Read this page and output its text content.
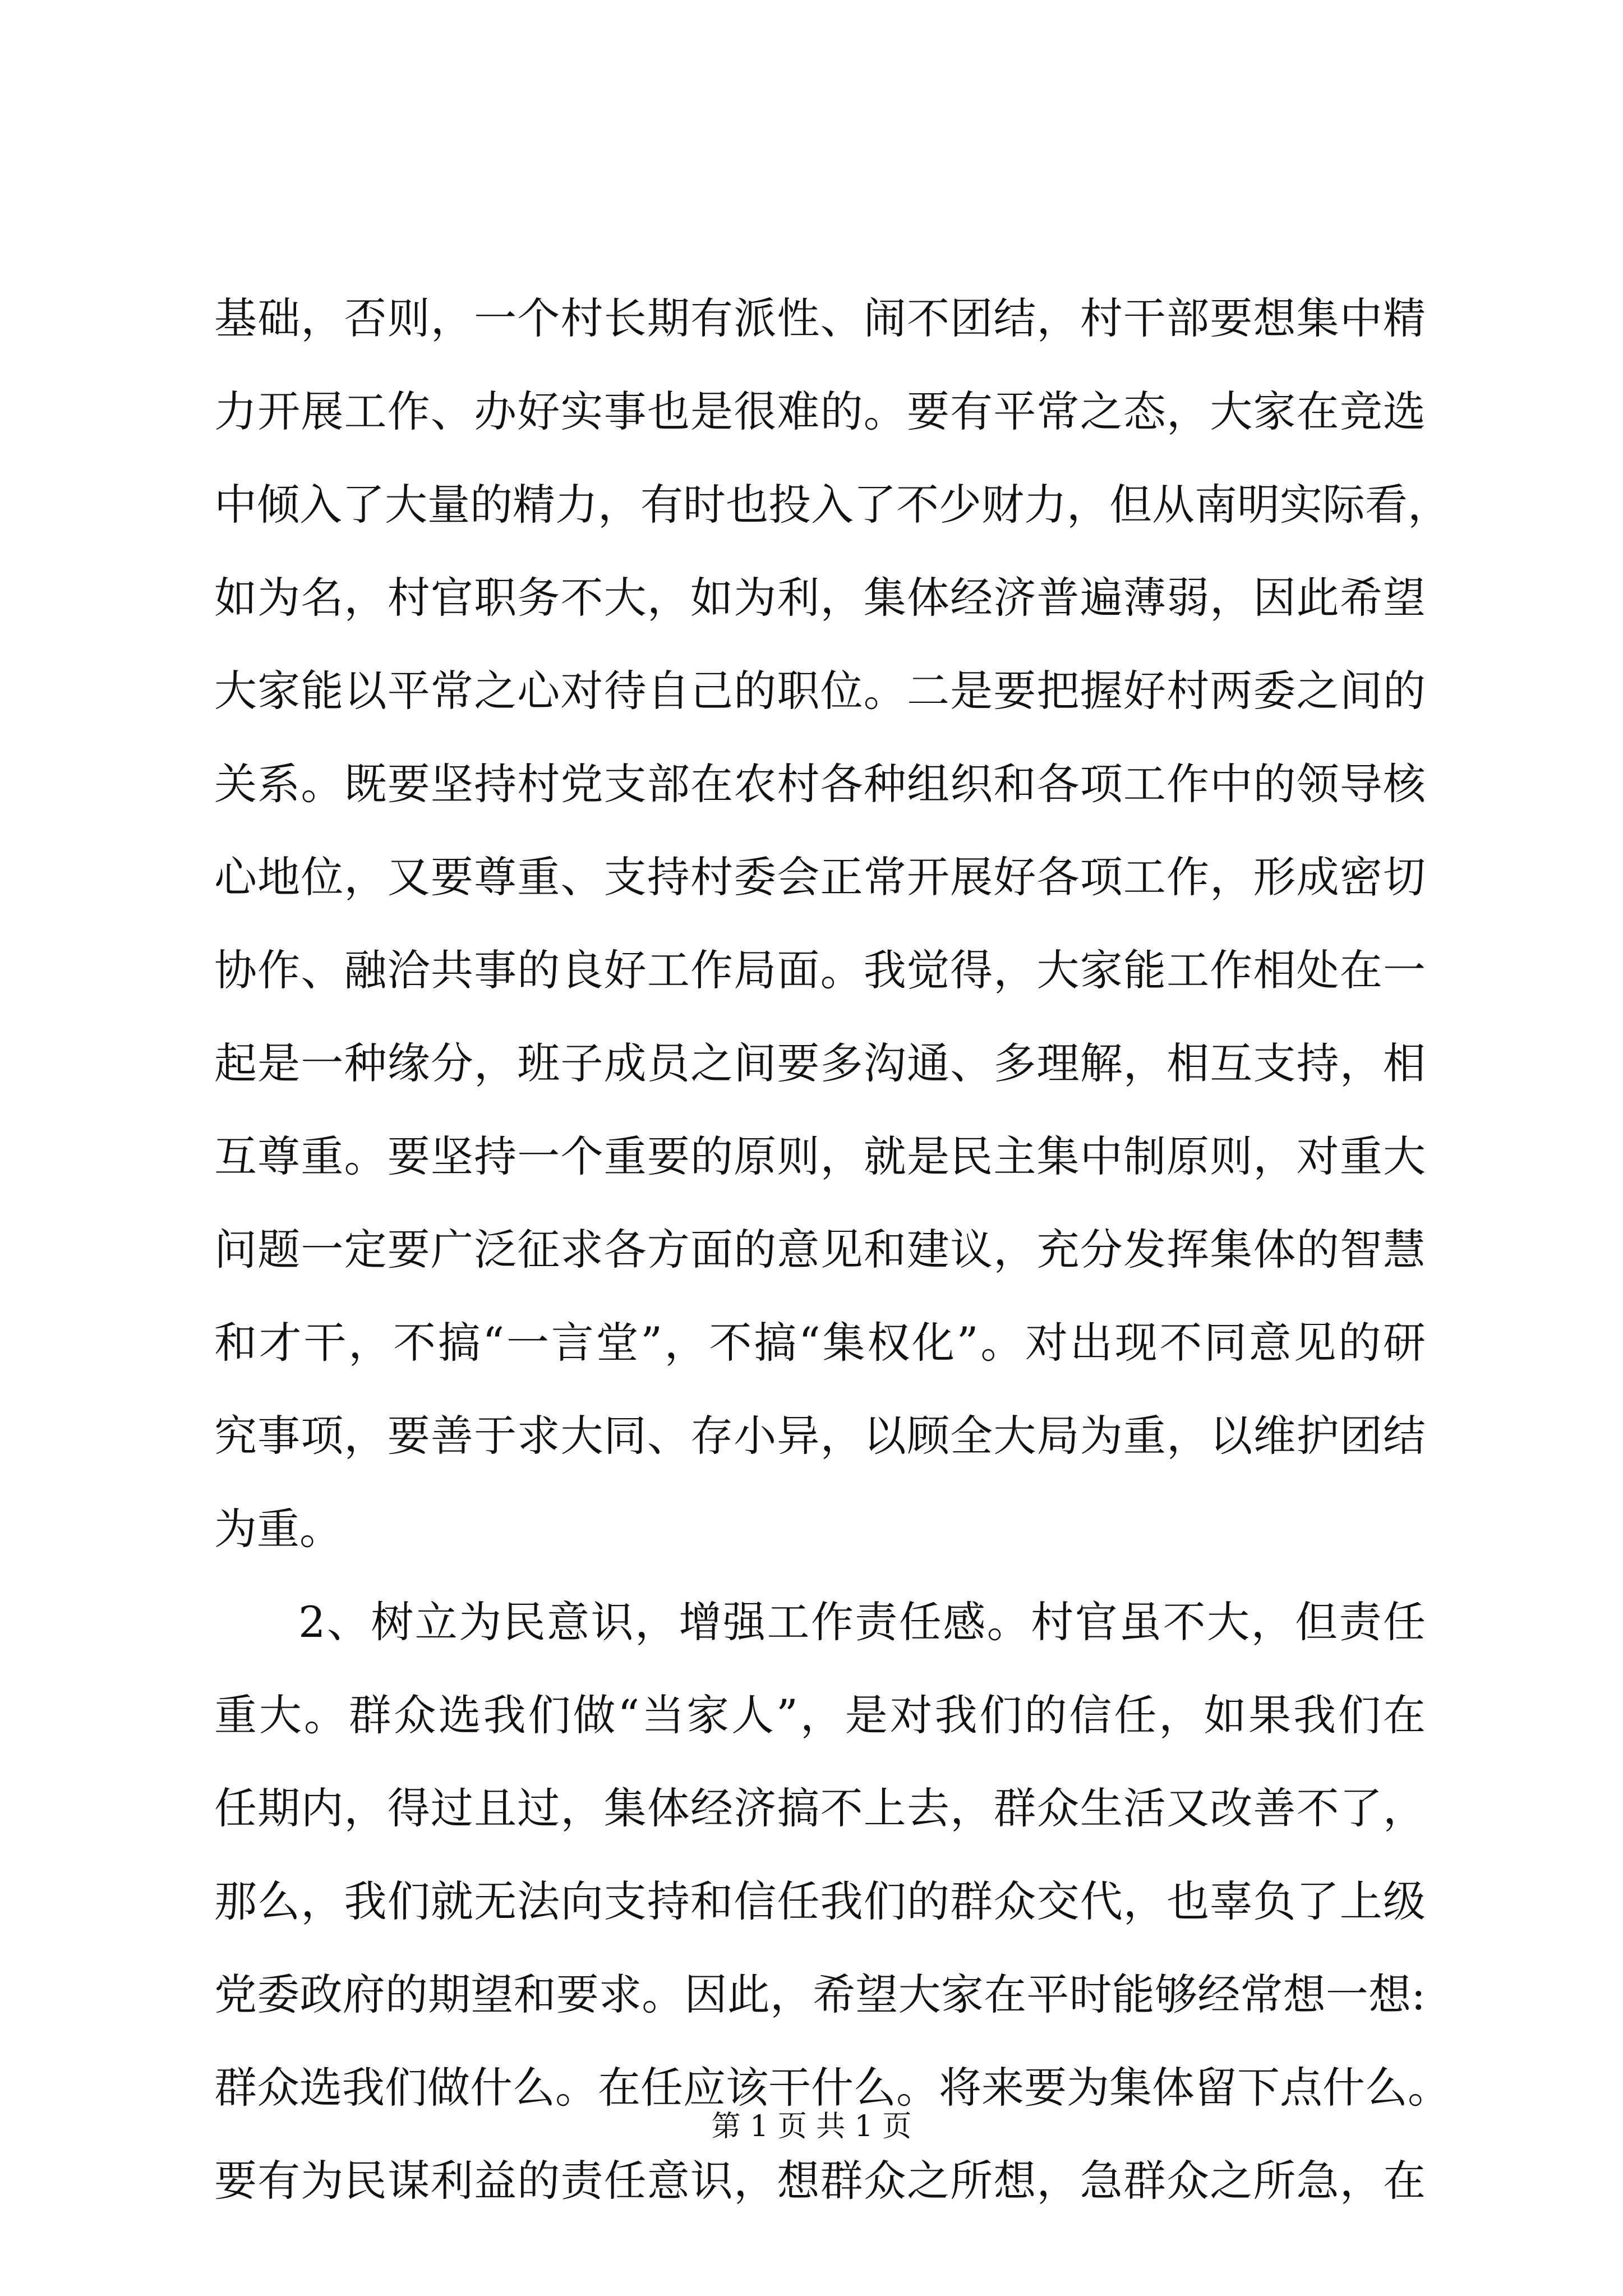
基础，否则，一个村长期有派性、闹不团结，村干部要想集中精
力开展工作、办好实事也是很难的。要有平常之态，大家在竞选
中倾入了大量的精力，有时也投入了不少财力，但从南明实际看，
如为名，村官职务不大，如为利，集体经济普遍薄弱，因此希望
大家能以平常之心对待自己的职位。二是要把握好村两委之间的
关系。既要坚持村党支部在农村各种组织和各项工作中的领导核
心地位，又要尊重、支持村委会正常开展好各项工作，形成密切
协作、融洽共事的良好工作局面。我觉得，大家能工作相处在一
起是一种缘分，班子成员之间要多沟通、多理解，相互支持，相
互尊重。要坚持一个重要的原则，就是民主集中制原则，对重大
问题一定要广泛征求各方面的意见和建议，充分发挥集体的智慧
和才干，不搞“一言堂”，不搞“集权化”。对出现不同意见的研
究事项，要善于求大同、存小异，以顾全大局为重，以维护团结
为重。
2、树立为民意识，增强工作责任感。村官虽不大，但责任
重大。群众选我们做“当家人”，是对我们的信任，如果我们在
任期内，得过且过，集体经济搞不上去，群众生活又改善不了，
那么，我们就无法向支持和信任我们的群众交代，也辜负了上级
党委政府的期望和要求。因此，希望大家在平时能够经常想一想:
群众选我们做什么。在任应该干什么。将来要为集体留下点什么。
要有为民谋利益的责任意识，想群众之所想，急群众之所急，在
第 1 页 共 1 页
